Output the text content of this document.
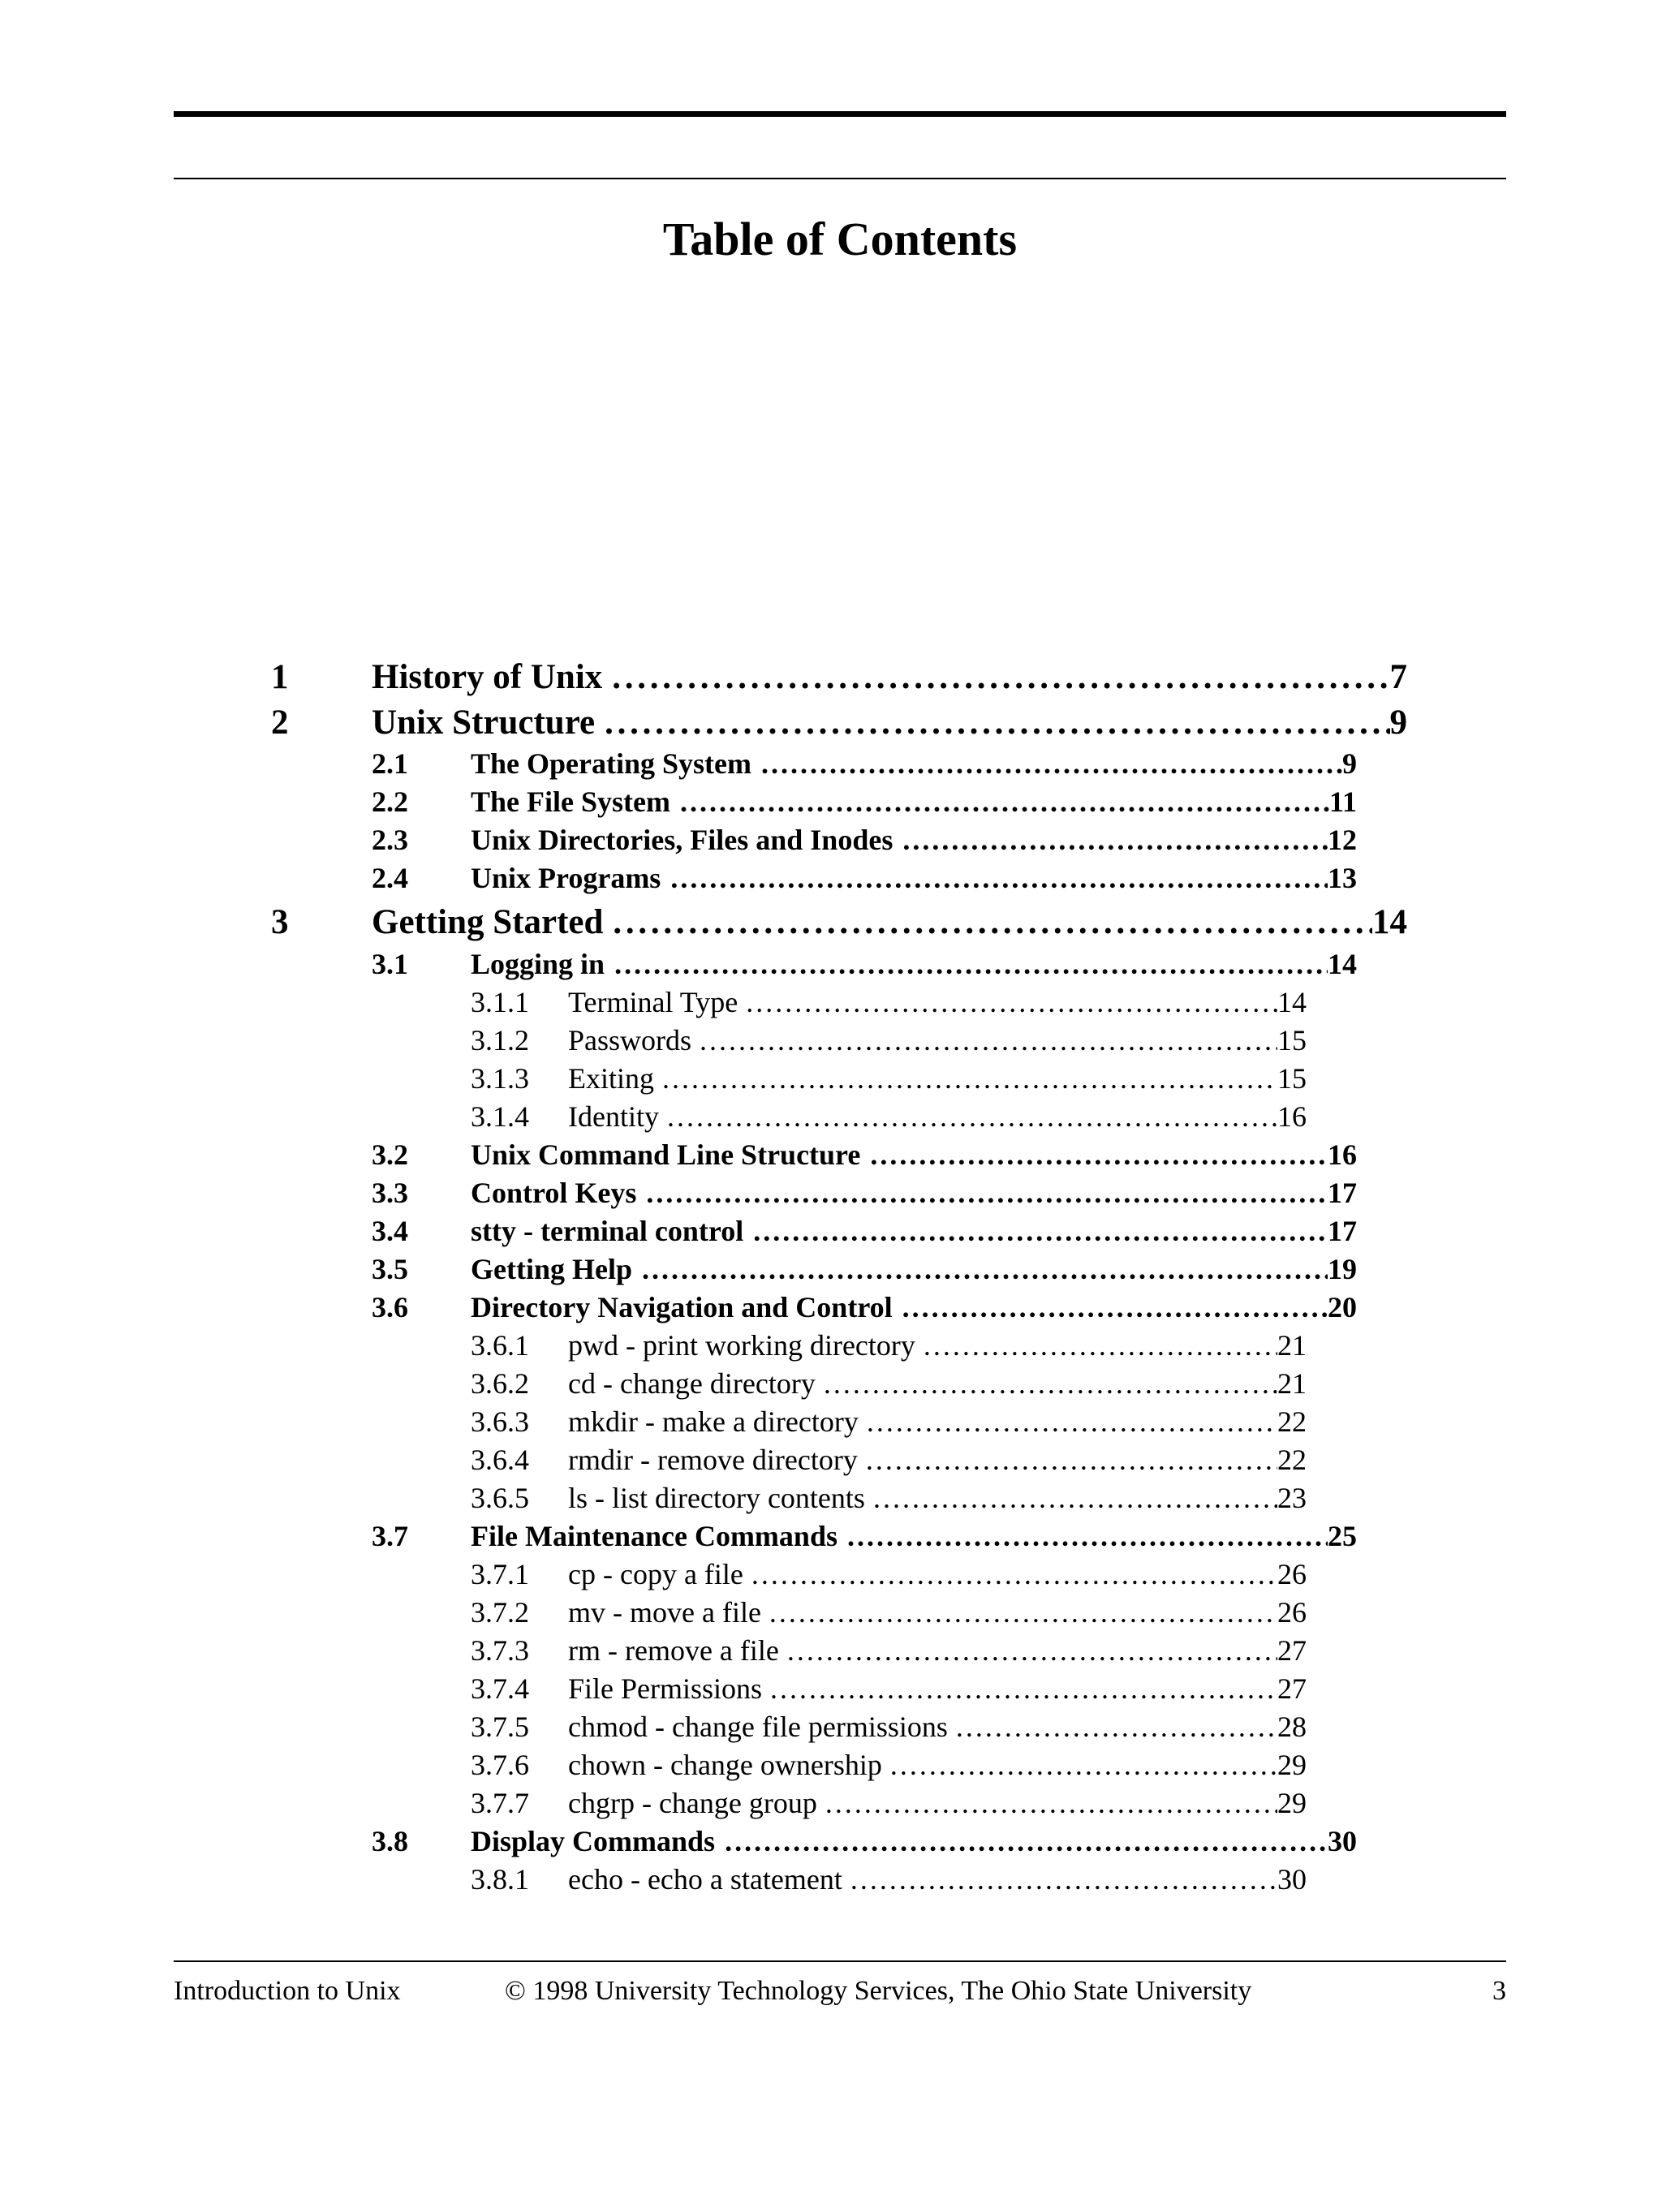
Table of Contents
1	History of Unix . . .	7
2	Unix Structure . . .	9
2.1	The Operating System . . .	9
2.2	The File System . . .	11
2.3	Unix Directories, Files and Inodes . . .	12
2.4	Unix Programs . . .	13
3	Getting Started . . .	14
3.1	Logging in . . .	14
3.1.1	Terminal Type . . .	14
3.1.2	Passwords . . .	15
3.1.3	Exiting . . .	15
3.1.4	Identity . . .	16
3.2	Unix Command Line Structure . . .	16
3.3	Control Keys . . .	17
3.4	stty - terminal control . . .	17
3.5	Getting Help . . .	19
3.6	Directory Navigation and Control . . .	20
3.6.1	pwd - print working directory . . .	21
3.6.2	cd - change directory . . .	21
3.6.3	mkdir - make a directory . . .	22
3.6.4	rmdir - remove directory . . .	22
3.6.5	ls - list directory contents . . .	23
3.7	File Maintenance Commands . . .	25
3.7.1	cp - copy a file . . .	26
3.7.2	mv - move a file . . .	26
3.7.3	rm - remove a file . . .	27
3.7.4	File Permissions . . .	27
3.7.5	chmod - change file permissions . . .	28
3.7.6	chown - change ownership . . .	29
3.7.7	chgrp - change group . . .	29
3.8	Display Commands . . .	30
3.8.1	echo - echo a statement . . .	30
Introduction to Unix	© 1998 University Technology Services, The Ohio State University	3
